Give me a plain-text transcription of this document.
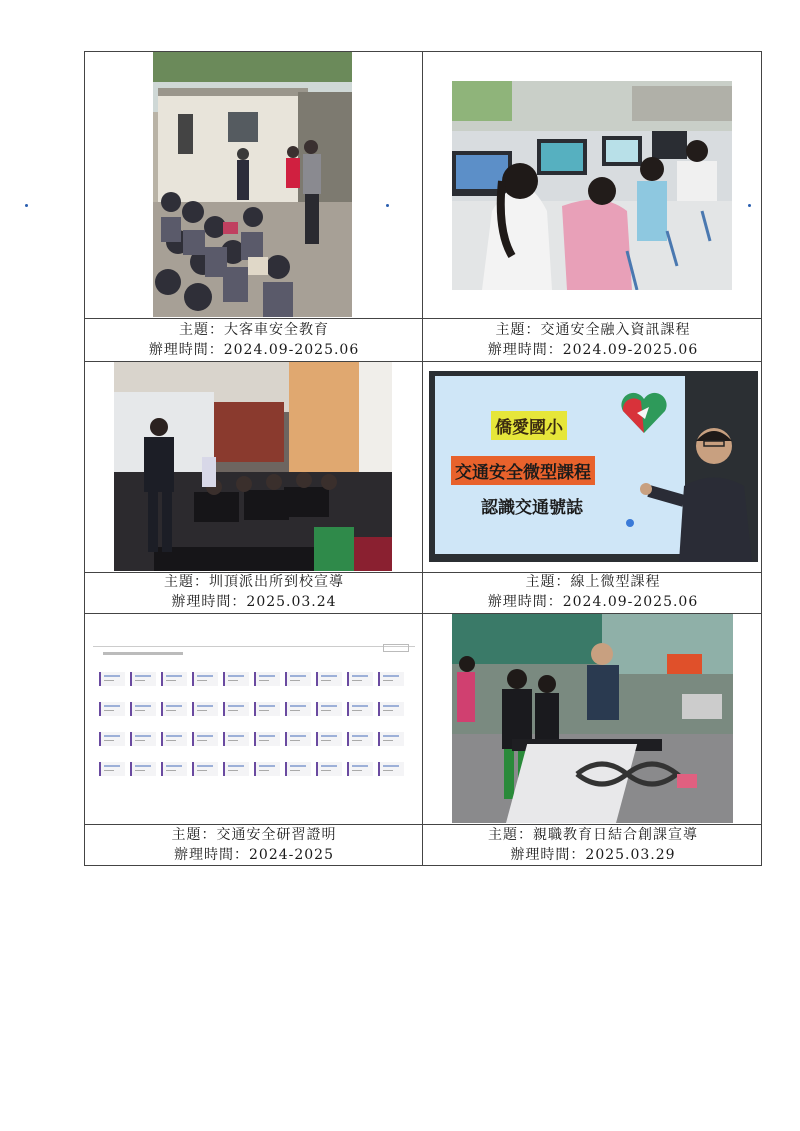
主題：大客車安全教育
辦理時間：2024.09-2025.06
主題：交通安全融入資訊課程
辦理時間：2024.09-2025.06
主題：圳頂派出所到校宣導
辦理時間：2025.03.24
僑愛國小
交通安全微型課程
認識交通號誌
主題：線上微型課程
辦理時間：2024.09-2025.06
主題：交通安全研習證明
辦理時間：2024-2025
主題：親職教育日結合創課宣導
辦理時間：2025.03.29
